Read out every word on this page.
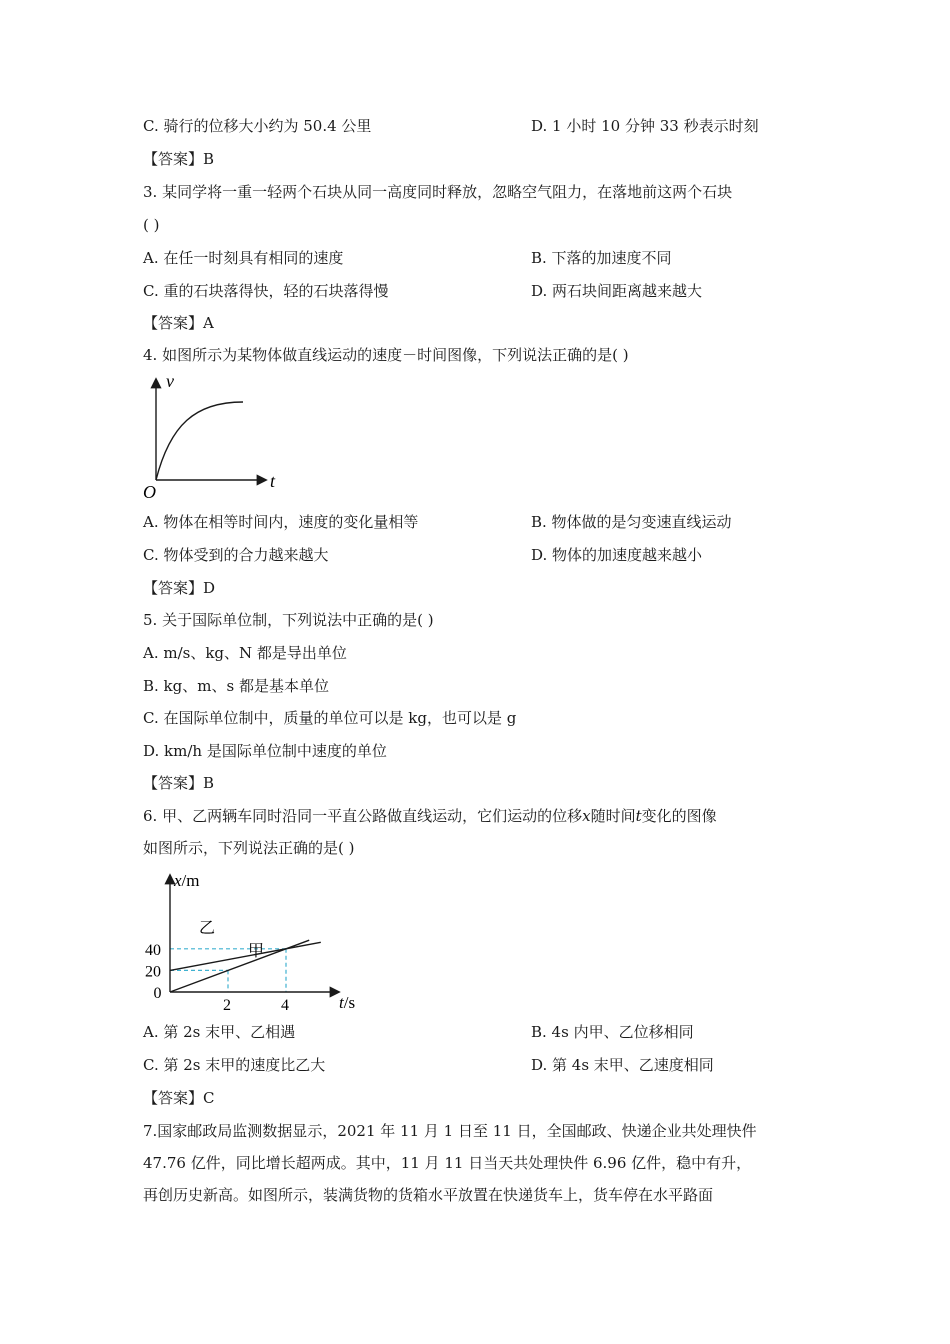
C. 骑行的位移大小约为 50.4 公里	D. 1 小时 10 分钟 33 秒表示时刻
【答案】B
3. 某同学将一重一轻两个石块从同一高度同时释放，忽略空气阻力，在落地前这两个石块
( )
A. 在任一时刻具有相同的速度	B. 下落的加速度不同
C. 重的石块落得快，轻的石块落得慢	D. 两石块间距离越来越大
【答案】A
4. 如图所示为某物体做直线运动的速度－时间图像，下列说法正确的是( )
v
t
O
A. 物体在相等时间内，速度的变化量相等	B. 物体做的是匀变速直线运动
C. 物体受到的合力越来越大	D. 物体的加速度越来越小
【答案】D
5. 关于国际单位制，下列说法中正确的是( )
A. m/s、kg、N 都是导出单位
B. kg、m、s 都是基本单位
C. 在国际单位制中，质量的单位可以是 kg，也可以是 g
D. km/h 是国际单位制中速度的单位
【答案】B
6. 甲、乙两辆车同时沿同一平直公路做直线运动，它们运动的位移x随时间t变化的图像
如图所示，下列说法正确的是( )
甲
乙
2	4
0
20
40
x/m
t/s
A. 第 2s 末甲、乙相遇	B. 4s 内甲、乙位移相同
C. 第 2s 末甲的速度比乙大	D. 第 4s 末甲、乙速度相同
【答案】C
7.国家邮政局监测数据显示，2021 年 11 月 1 日至 11 日，全国邮政、快递企业共处理快件
47.76 亿件，同比增长超两成。其中，11 月 11 日当天共处理快件 6.96 亿件，稳中有升，
再创历史新高。如图所示，装满货物的货箱水平放置在快递货车上，货车停在水平路面
